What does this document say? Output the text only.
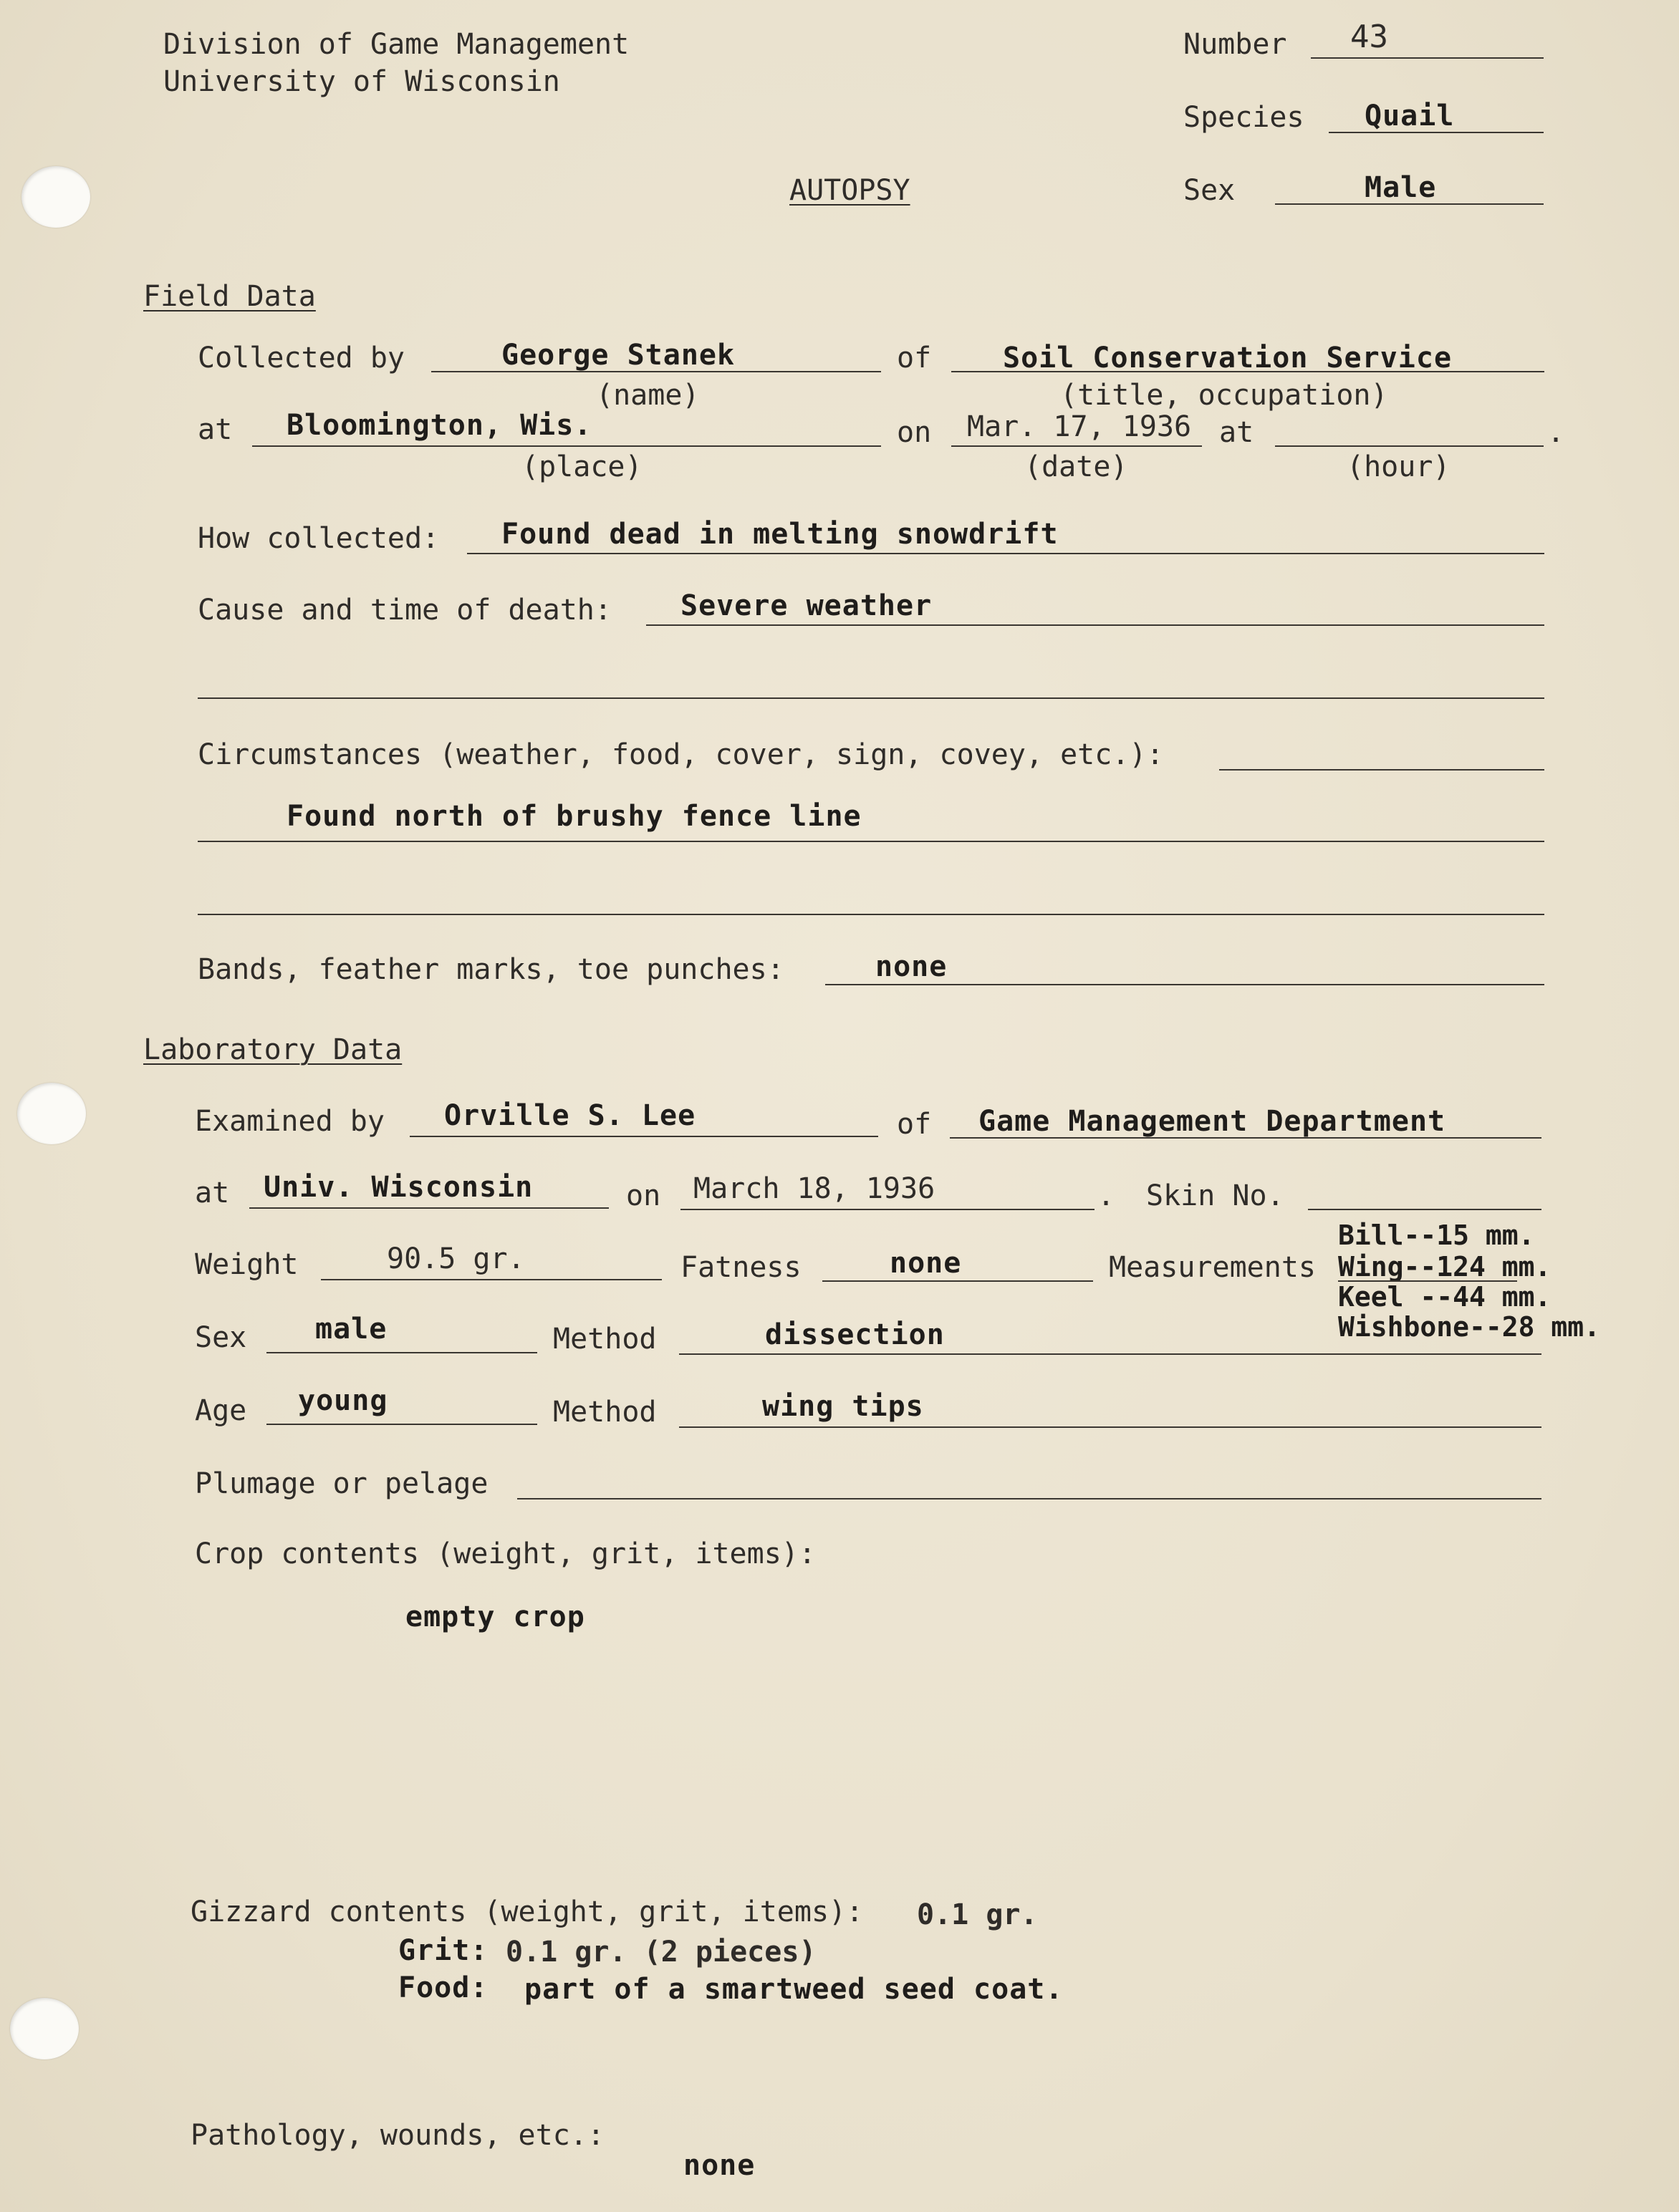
Division of Game Management
University of Wisconsin
Number 43
Species Quail
AUTOPSY	Sex	Male
Field Data
Collected by	George Stanek	of Soil Conservation Service
(name)	(title, occupation)
at Bloomington, Wis.	on Mar. 17, 1936 at	.
(place)	(date)	(hour)
How collected: Found dead in melting snowdrift
Cause and time of death: Severe weather
Circumstances (weather, food, cover, sign, covey, etc.):
Found north of brushy fence line
Bands, feather marks, toe punches:	none
Laboratory Data
Examined by Orville S. Lee	of Game Management Department
at Univ. Wisconsin	on March 18, 1936	. Skin No.
Weight	90.5 gr.	Fatness	none	Measurements
Bill--15 mm.
Wing--124 mm.
Keel --44 mm.
Wishbone--28 mm.
Sex male	Method	dissection
Age young	Method	wing tips
Plumage or pelage
Crop contents (weight, grit, items):
empty crop
Gizzard contents (weight, grit, items): 0.1 gr.
Grit: 0.1 gr. (2 pieces)
Food: part of a smartweed seed coat.
Pathology, wounds, etc.:
none
